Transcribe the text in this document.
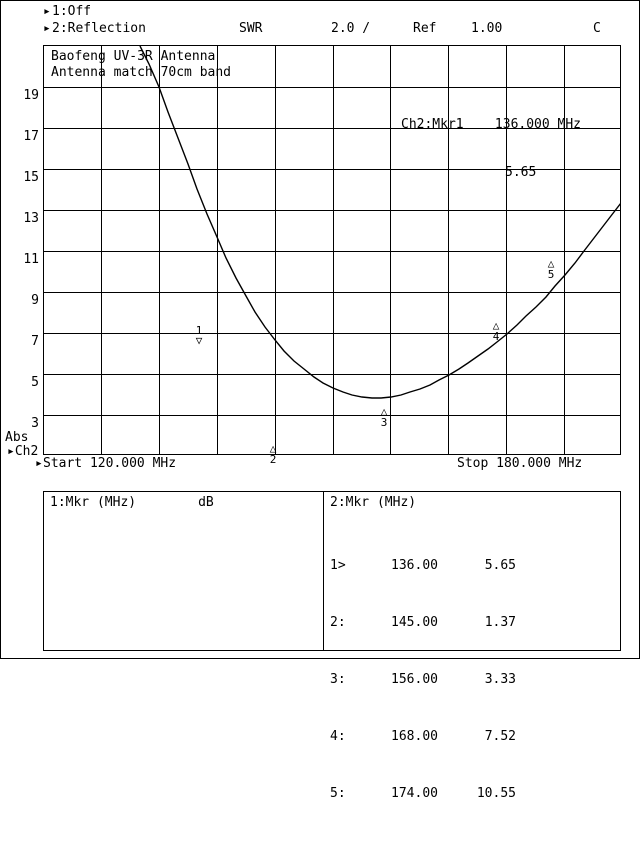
▸1:Off
▸2:Reflection	SWR	2.0 /	Ref	1.00	C
Abs
▸Ch2
19
17
15
13
11
9
7
5
3
Baofeng UV-3R Antenna
Antenna match 70cm band

Ch2:Mkr1    136.000 MHz

5.65

1
▽
△
2
△
3
△
4
△
5
▸ Start 120.000 MHz	Stop 180.000 MHz
1:Mkr (MHz)	dB	2:Mkr (MHz)

1>	136.00	5.65

2:	145.00	1.37

3:	156.00	3.33

4:	168.00	7.52

5:	174.00	10.55
